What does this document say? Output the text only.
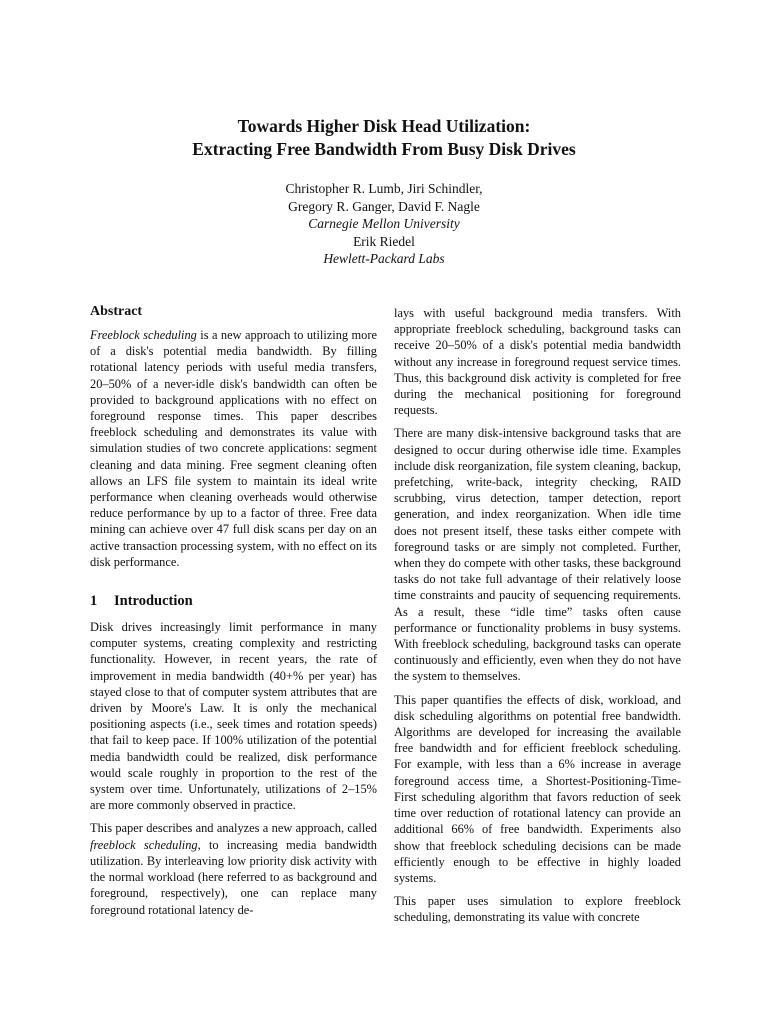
Towards Higher Disk Head Utilization:
Extracting Free Bandwidth From Busy Disk Drives
Christopher R. Lumb, Jiri Schindler,
Gregory R. Ganger, David F. Nagle
Carnegie Mellon University
Erik Riedel
Hewlett-Packard Labs
Abstract

Freeblock scheduling is a new approach to utilizing more of a disk's potential media bandwidth. By filling rotational latency periods with useful media transfers, 20–50% of a never-idle disk's bandwidth can often be provided to background applications with no effect on foreground response times. This paper describes freeblock scheduling and demonstrates its value with simulation studies of two concrete applications: segment cleaning and data mining. Free segment cleaning often allows an LFS file system to maintain its ideal write performance when cleaning overheads would otherwise reduce performance by up to a factor of three. Free data mining can achieve over 47 full disk scans per day on an active transaction processing system, with no effect on its disk performance.

1 Introduction

Disk drives increasingly limit performance in many computer systems, creating complexity and restricting functionality. However, in recent years, the rate of improvement in media bandwidth (40+% per year) has stayed close to that of computer system attributes that are driven by Moore's Law. It is only the mechanical positioning aspects (i.e., seek times and rotation speeds) that fail to keep pace. If 100% utilization of the potential media bandwidth could be realized, disk performance would scale roughly in proportion to the rest of the system over time. Unfortunately, utilizations of 2–15% are more commonly observed in practice.

This paper describes and analyzes a new approach, called freeblock scheduling, to increasing media bandwidth utilization. By interleaving low priority disk activity with the normal workload (here referred to as background and foreground, respectively), one can replace many foreground rotational latency de-

lays with useful background media transfers. With appropriate freeblock scheduling, background tasks can receive 20–50% of a disk's potential media bandwidth without any increase in foreground request service times. Thus, this background disk activity is completed for free during the mechanical positioning for foreground requests.

There are many disk-intensive background tasks that are designed to occur during otherwise idle time. Examples include disk reorganization, file system cleaning, backup, prefetching, write-back, integrity checking, RAID scrubbing, virus detection, tamper detection, report generation, and index reorganization. When idle time does not present itself, these tasks either compete with foreground tasks or are simply not completed. Further, when they do compete with other tasks, these background tasks do not take full advantage of their relatively loose time constraints and paucity of sequencing requirements. As a result, these “idle time” tasks often cause performance or functionality problems in busy systems. With freeblock scheduling, background tasks can operate continuously and efficiently, even when they do not have the system to themselves.

This paper quantifies the effects of disk, workload, and disk scheduling algorithms on potential free bandwidth. Algorithms are developed for increasing the available free bandwidth and for efficient freeblock scheduling. For example, with less than a 6% increase in average foreground access time, a Shortest-Positioning-Time-First scheduling algorithm that favors reduction of seek time over reduction of rotational latency can provide an additional 66% of free bandwidth. Experiments also show that freeblock scheduling decisions can be made efficiently enough to be effective in highly loaded systems.

This paper uses simulation to explore freeblock scheduling, demonstrating its value with concrete
